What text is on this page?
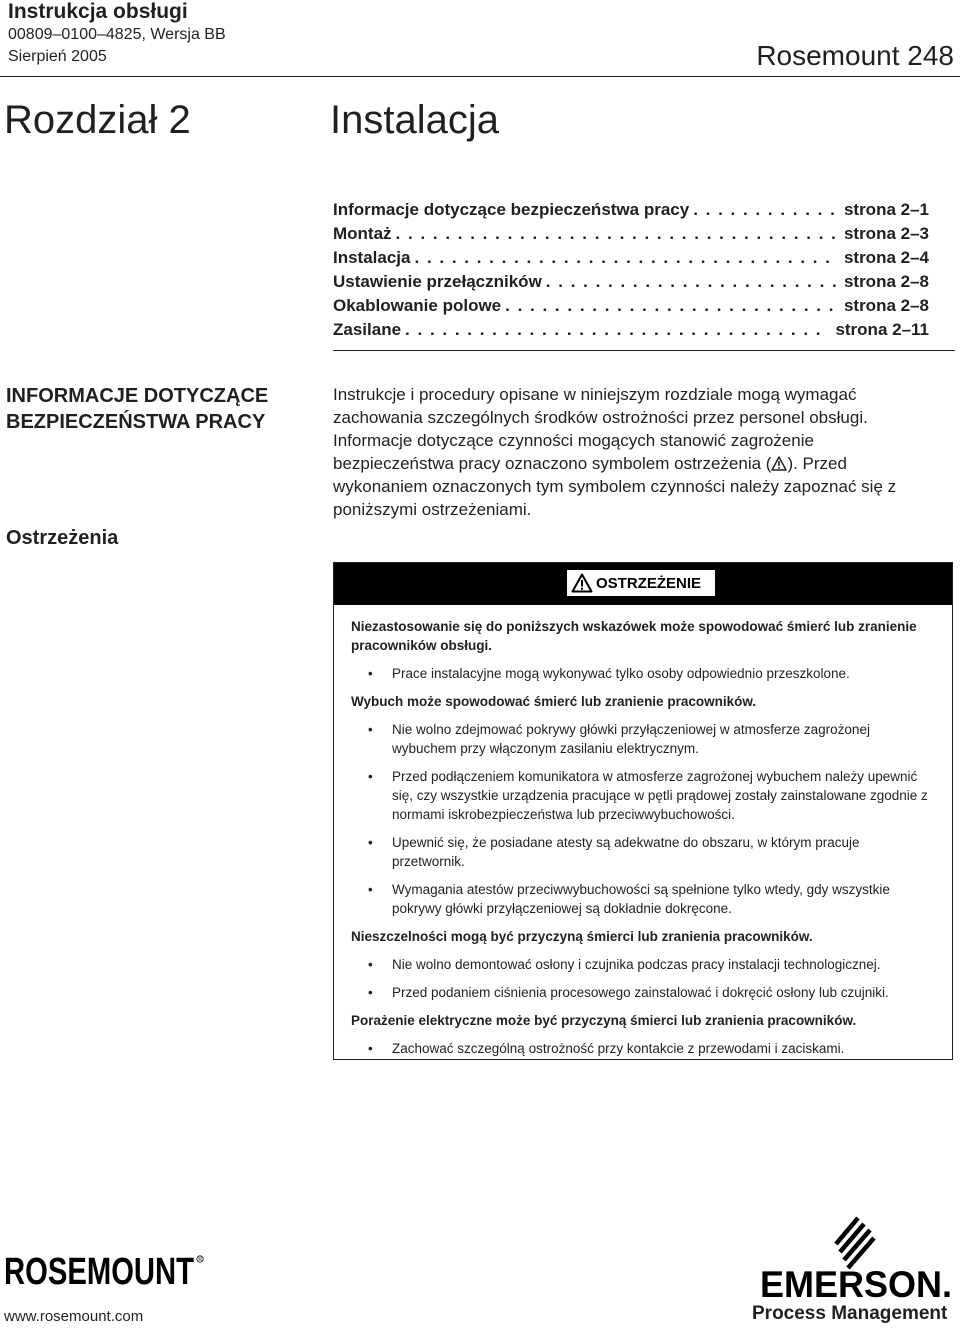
Instrukcja obsługi
00809–0100–4825, Wersja BB
Sierpień 2005	Rosemount 248
Rozdział 2	Instalacja
Informacje dotyczące bezpieczeństwa pracy . . .	strona 2–1
Montaż . . .	strona 2–3
Instalacja . . .	strona 2–4
Ustawienie przełączników . . .	strona 2–8
Okablowanie polowe . . .	strona 2–8
Zasilane . . .	strona 2–11
INFORMACJE DOTYCZĄCE
BEZPIECZEŃSTWA PRACY
Instrukcje i procedury opisane w niniejszym rozdziale mogą wymagać zachowania szczególnych środków ostrożności przez personel obsługi. Informacje dotyczące czynności mogących stanowić zagrożenie bezpieczeństwa pracy oznaczono symbolem ostrzeżenia ( ). Przed wykonaniem oznaczonych tym symbolem czynności należy zapoznać się z poniższymi ostrzeżeniami.
Ostrzeżenia
OSTRZEŻENIE

Niezastosowanie się do poniższych wskazówek może spowodować śmierć lub zranienie pracowników obsługi.

• Prace instalacyjne mogą wykonywać tylko osoby odpowiednio przeszkolone.

Wybuch może spowodować śmierć lub zranienie pracowników.

• Nie wolno zdejmować pokrywy główki przyłączeniowej w atmosferze zagrożonej wybuchem przy włączonym zasilaniu elektrycznym.
• Przed podłączeniem komunikatora w atmosferze zagrożonej wybuchem należy upewnić się, czy wszystkie urządzenia pracujące w pętli prądowej zostały zainstalowane zgodnie z normami iskrobezpieczeństwa lub przeciwwybuchowości.
• Upewnić się, że posiadane atesty są adekwatne do obszaru, w którym pracuje przetwornik.
• Wymagania atestów przeciwwybuchowości są spełnione tylko wtedy, gdy wszystkie pokrywy główki przyłączeniowej są dokładnie dokręcone.

Nieszczelności mogą być przyczyną śmierci lub zranienia pracowników.

• Nie wolno demontować osłony i czujnika podczas pracy instalacji technologicznej.
• Przed podaniem ciśnienia procesowego zainstalować i dokręcić osłony lub czujniki.

Porażenie elektryczne może być przyczyną śmierci lub zranienia pracowników.

• Zachować szczególną ostrożność przy kontakcie z przewodami i zaciskami.
ROSEMOUNT R
www.rosemount.com
EMERSON.
Process Management
